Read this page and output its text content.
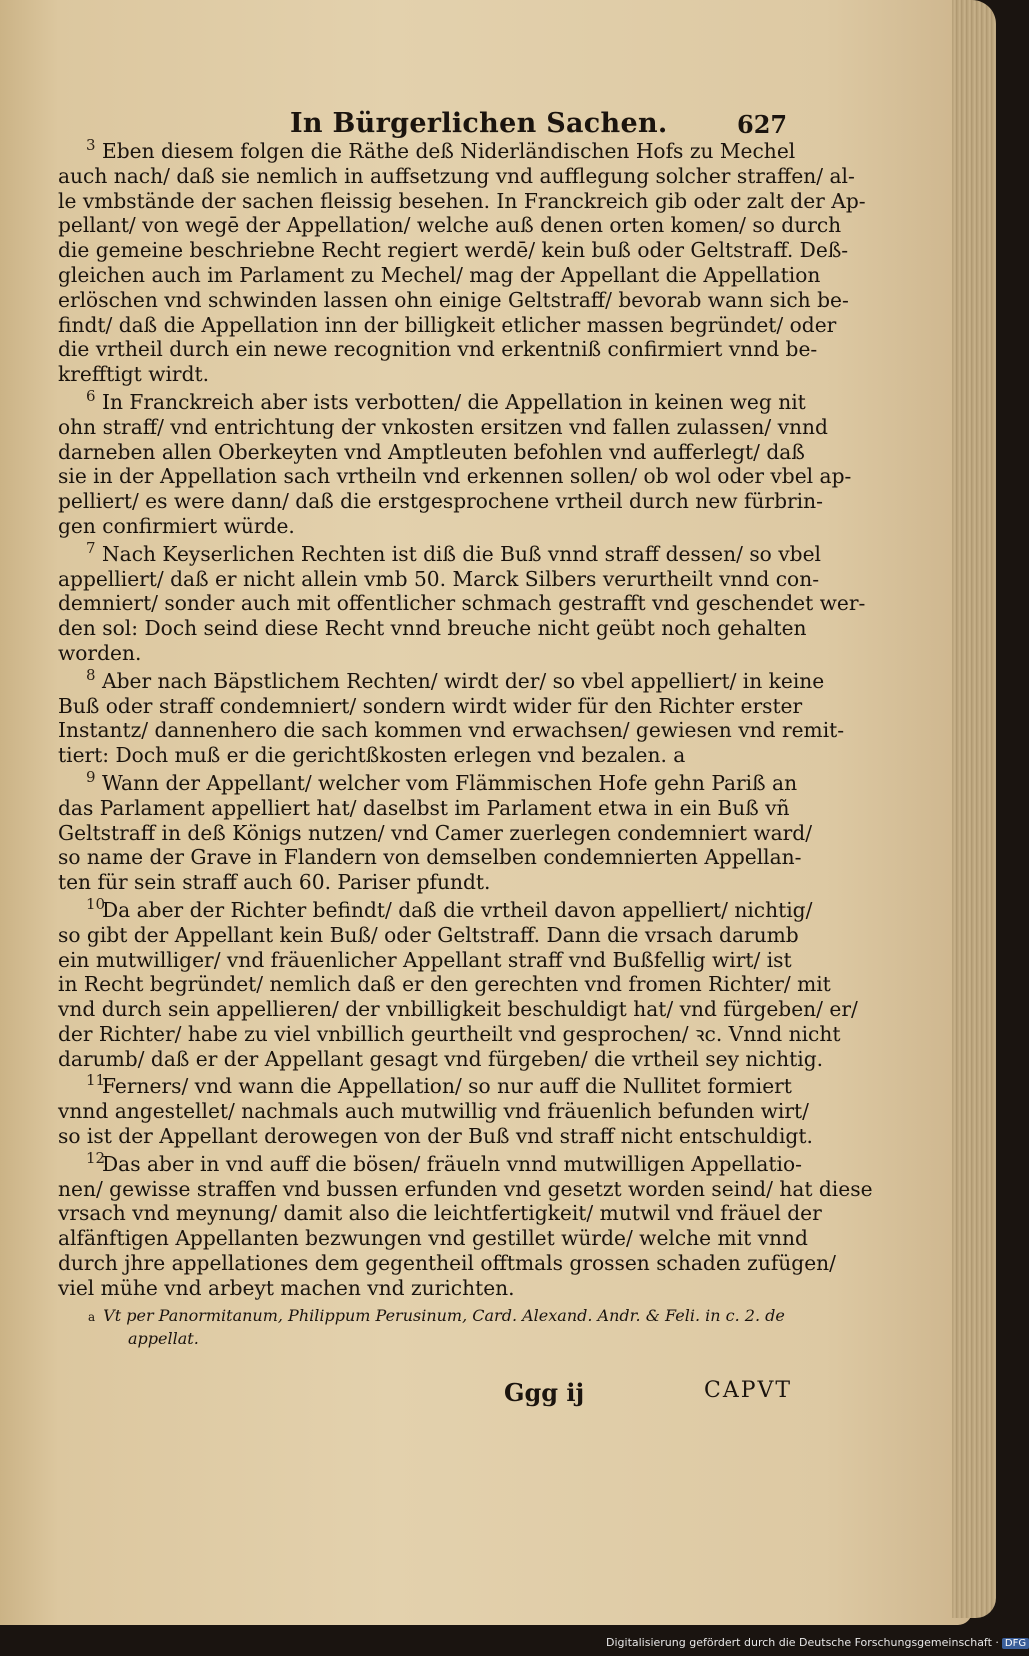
In Bürgerlichen Sachen.	627
3 Eben diesem folgen die Räthe deß Niderländischen Hofs zu Mechel
auch nach/ daß sie nemlich in auffsetzung vnd aufflegung solcher straffen/ al-
le vmbstände der sachen fleissig besehen. In Franckreich gib oder zalt der Ap-
pellant/ von wegē der Appellation/ welche auß denen orten komen/ so durch
die gemeine beschriebne Recht regiert werdē/ kein buß oder Geltstraff. Deß-
gleichen auch im Parlament zu Mechel/ mag der Appellant die Appellation
erlöschen vnd schwinden lassen ohn einige Geltstraff/ bevorab wann sich be-
findt/ daß die Appellation inn der billigkeit etlicher massen begründet/ oder
die vrtheil durch ein newe recognition vnd erkentniß confirmiert vnnd be-
krefftigt wirdt.
6 In Franckreich aber ists verbotten/ die Appellation in keinen weg nit
ohn straff/ vnd entrichtung der vnkosten ersitzen vnd fallen zulassen/ vnnd
darneben allen Oberkeyten vnd Amptleuten befohlen vnd aufferlegt/ daß
sie in der Appellation sach vrtheiln vnd erkennen sollen/ ob wol oder vbel ap-
pelliert/ es were dann/ daß die erstgesprochene vrtheil durch new fürbrin-
gen confirmiert würde.
7 Nach Keyserlichen Rechten ist diß die Buß vnnd straff dessen/ so vbel
appelliert/ daß er nicht allein vmb 50. Marck Silbers verurtheilt vnnd con-
demniert/ sonder auch mit offentlicher schmach gestrafft vnd geschendet wer-
den sol: Doch seind diese Recht vnnd breuche nicht geübt noch gehalten
worden.
8 Aber nach Bäpstlichem Rechten/ wirdt der/ so vbel appelliert/ in keine
Buß oder straff condemniert/ sondern wirdt wider für den Richter erster
Instantz/ dannenhero die sach kommen vnd erwachsen/ gewiesen vnd remit-
tiert: Doch muß er die gerichtßkosten erlegen vnd bezalen. a
9 Wann der Appellant/ welcher vom Flämmischen Hofe gehn Pariß an
das Parlament appelliert hat/ daselbst im Parlament etwa in ein Buß vñ
Geltstraff in deß Königs nutzen/ vnd Camer zuerlegen condemniert ward/
so name der Grave in Flandern von demselben condemnierten Appellan-
ten für sein straff auch 60. Pariser pfundt.
10
Da aber der Richter befindt/ daß die vrtheil davon appelliert/ nichtig/
so gibt der Appellant kein Buß/ oder Geltstraff. Dann die vrsach darumb
ein mutwilliger/ vnd fräuenlicher Appellant straff vnd Bußfellig wirt/ ist
in Recht begründet/ nemlich daß er den gerechten vnd fromen Richter/ mit
vnd durch sein appellieren/ der vnbilligkeit beschuldigt hat/ vnd fürgeben/ er/
der Richter/ habe zu viel vnbillich geurtheilt vnd gesprochen/ ꝛc. Vnnd nicht
darumb/ daß er der Appellant gesagt vnd fürgeben/ die vrtheil sey nichtig.
11
Ferners/ vnd wann die Appellation/ so nur auff die Nullitet formiert
vnnd angestellet/ nachmals auch mutwillig vnd fräuenlich befunden wirt/
so ist der Appellant derowegen von der Buß vnd straff nicht entschuldigt.
12
Das aber in vnd auff die bösen/ fräueln vnnd mutwilligen Appellatio-
nen/ gewisse straffen vnd bussen erfunden vnd gesetzt worden seind/ hat diese
vrsach vnd meynung/ damit also die leichtfertigkeit/ mutwil vnd fräuel der
alfänftigen Appellanten bezwungen vnd gestillet würde/ welche mit vnnd
durch jhre appellationes dem gegentheil offtmals grossen schaden zufügen/
viel mühe vnd arbeyt machen vnd zurichten.
a Vt per Panormitanum, Philippum Perusinum, Card. Alexand. Andr. & Feli. in c. 2. de
appellat.
Ggg ij	CAPVT
Digitalisierung gefördert durch die Deutsche Forschungsgemeinschaft · DFG
